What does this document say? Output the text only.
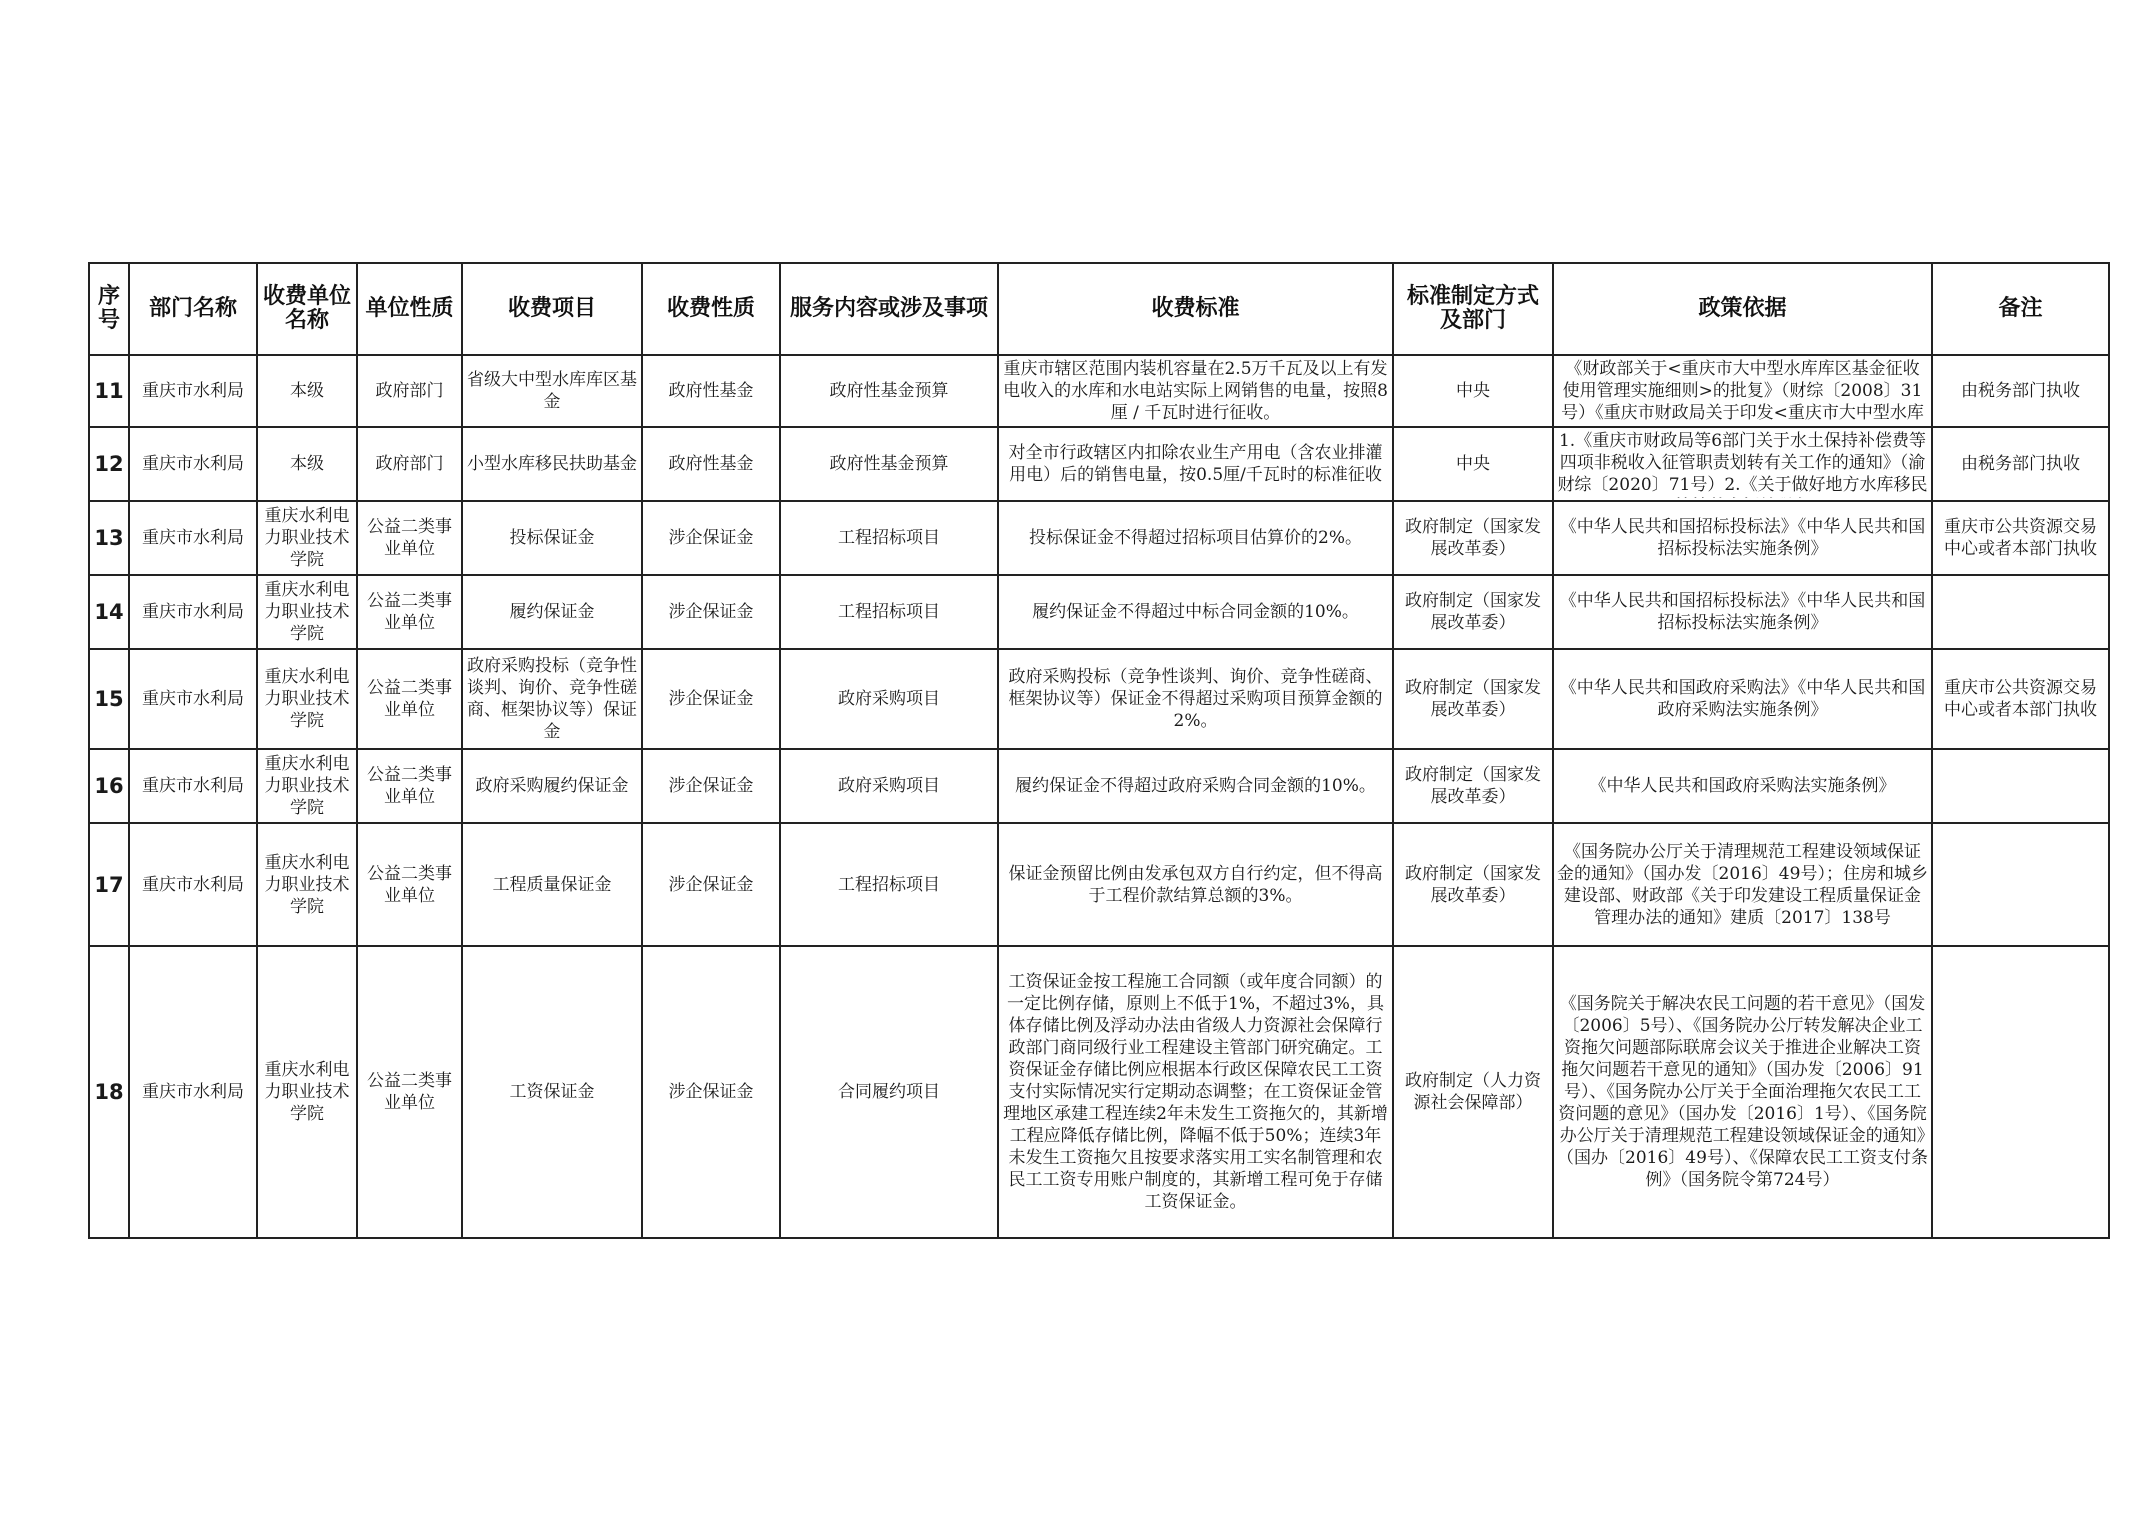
序号	部门名称	收费单位名称	单位性质	收费项目	收费性质	服务内容或涉及事项	收费标准	标准制定方式及部门	政策依据	备注
11	重庆市水利局	本级	政府部门	省级大中型水库库区基金	政府性基金	政府性基金预算	重庆市辖区范围内装机容量在2.5万千瓦及以上有发电收入的水库和水电站实际上网销售的电量，按照8厘 / 千瓦时进行征收。	中央	《财政部关于<重庆市大中型水库库区基金征收使用管理实施细则>的批复》（财综〔2008〕31号）《重庆市财政局关于印发<重庆市大中型水库	由税务部门执收
12	重庆市水利局	本级	政府部门	小型水库移民扶助基金	政府性基金	政府性基金预算	对全市行政辖区内扣除农业生产用电（含农业排灌用电）后的销售电量，按0.5厘/千瓦时的标准征收	中央	1.《重庆市财政局等6部门关于水土保持补偿费等四项非税收入征管职责划转有关工作的通知》（渝财综〔2020〕71号）2.《关于做好地方水库移民	由税务部门执收
13	重庆市水利局	重庆水利电力职业技术学院	公益二类事业单位	投标保证金	涉企保证金	工程招标项目	投标保证金不得超过招标项目估算价的2%。	政府制定（国家发展改革委）	《中华人民共和国招标投标法》《中华人民共和国招标投标法实施条例》	重庆市公共资源交易中心或者本部门执收
14	重庆市水利局	重庆水利电力职业技术学院	公益二类事业单位	履约保证金	涉企保证金	工程招标项目	履约保证金不得超过中标合同金额的10%。	政府制定（国家发展改革委）	《中华人民共和国招标投标法》《中华人民共和国招标投标法实施条例》	
15	重庆市水利局	重庆水利电力职业技术学院	公益二类事业单位	政府采购投标（竞争性谈判、询价、竞争性磋商、框架协议等）保证金	涉企保证金	政府采购项目	政府采购投标（竞争性谈判、询价、竞争性磋商、框架协议等）保证金不得超过采购项目预算金额的2%。	政府制定（国家发展改革委）	《中华人民共和国政府采购法》《中华人民共和国政府采购法实施条例》	重庆市公共资源交易中心或者本部门执收
16	重庆市水利局	重庆水利电力职业技术学院	公益二类事业单位	政府采购履约保证金	涉企保证金	政府采购项目	履约保证金不得超过政府采购合同金额的10%。	政府制定（国家发展改革委）	《中华人民共和国政府采购法实施条例》	
17	重庆市水利局	重庆水利电力职业技术学院	公益二类事业单位	工程质量保证金	涉企保证金	工程招标项目	保证金预留比例由发承包双方自行约定，但不得高于工程价款结算总额的3%。	政府制定（国家发展改革委）	《国务院办公厅关于清理规范工程建设领域保证金的通知》（国办发〔2016〕49号）；住房和城乡建设部、财政部《关于印发建设工程质量保证金管理办法的通知》建质〔2017〕138号	
18	重庆市水利局	重庆水利电力职业技术学院	公益二类事业单位	工资保证金	涉企保证金	合同履约项目	工资保证金按工程施工合同额（或年度合同额）的一定比例存储，原则上不低于1%，不超过3%，具体存储比例及浮动办法由省级人力资源社会保障行政部门商同级行业工程建设主管部门研究确定。工资保证金存储比例应根据本行政区保障农民工工资支付实际情况实行定期动态调整；在工资保证金管理地区承建工程连续2年未发生工资拖欠的，其新增工程应降低存储比例，降幅不低于50%；连续3年未发生工资拖欠且按要求落实用工实名制管理和农民工工资专用账户制度的，其新增工程可免于存储工资保证金。	政府制定（人力资源社会保障部）	《国务院关于解决农民工问题的若干意见》（国发〔2006〕5号）、《国务院办公厅转发解决企业工资拖欠问题部际联席会议关于推进企业解决工资拖欠问题若干意见的通知》（国办发〔2006〕91号）、《国务院办公厅关于全面治理拖欠农民工工资问题的意见》（国办发〔2016〕1号）、《国务院办公厅关于清理规范工程建设领域保证金的通知》（国办〔2016〕49号）、《保障农民工工资支付条例》（国务院令第724号）	
